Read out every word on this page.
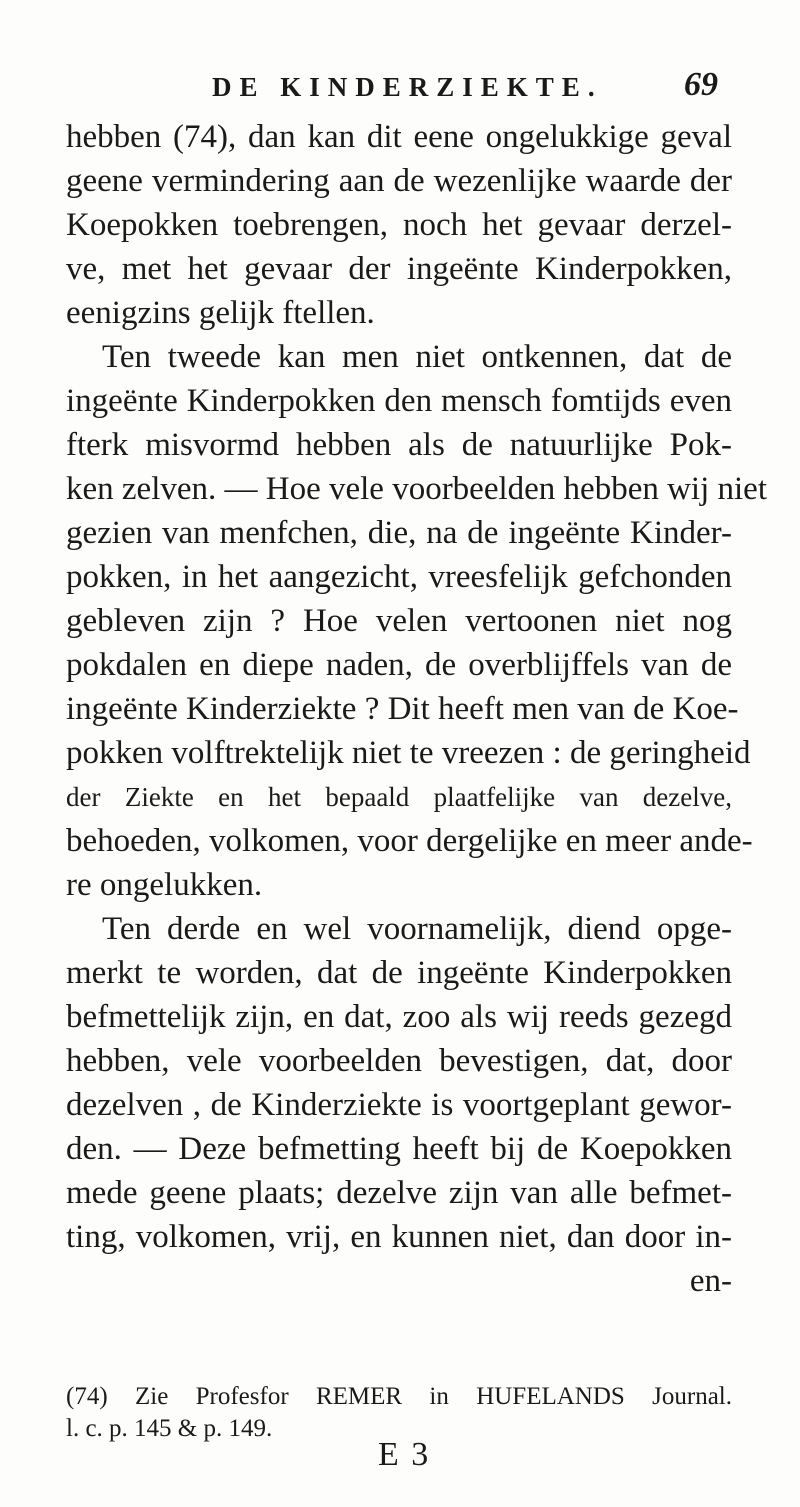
DE KINDERZIEKTE.	69
hebben (74), dan kan dit eene ongelukkige geval
geene vermindering aan de wezenlijke waarde der
Koepokken toebrengen, noch het gevaar derzel-
ve, met het gevaar der ingeënte Kinderpokken,
eenigzins gelijk ftellen.
Ten tweede kan men niet ontkennen, dat de
ingeënte Kinderpokken den mensch fomtijds even
fterk misvormd hebben als de natuurlijke Pok-
ken zelven. — Hoe vele voorbeelden hebben wij niet
gezien van menfchen, die, na de ingeënte Kinder-
pokken, in het aangezicht, vreesfelijk gefchonden
gebleven zijn ? Hoe velen vertoonen niet nog
pokdalen en diepe naden, de overblijffels van de
ingeënte Kinderziekte ? Dit heeft men van de Koe-
pokken volftrektelijk niet te vreezen : de geringheid
der Ziekte en het bepaald plaatfelijke van dezelve,
behoeden, volkomen, voor dergelijke en meer ande-
re ongelukken.
Ten derde en wel voornamelijk, diend opge-
merkt te worden, dat de ingeënte Kinderpokken
befmettelijk zijn, en dat, zoo als wij reeds gezegd
hebben, vele voorbeelden bevestigen, dat, door
dezelven , de Kinderziekte is voortgeplant gewor-
den. — Deze befmetting heeft bij de Koepokken
mede geene plaats; dezelve zijn van alle befmet-
ting, volkomen, vrij, en kunnen niet, dan door in-
en-
(74) Zie Profesfor REMER in HUFELANDS Journal.
l. c. p. 145 & p. 149.
E 3
